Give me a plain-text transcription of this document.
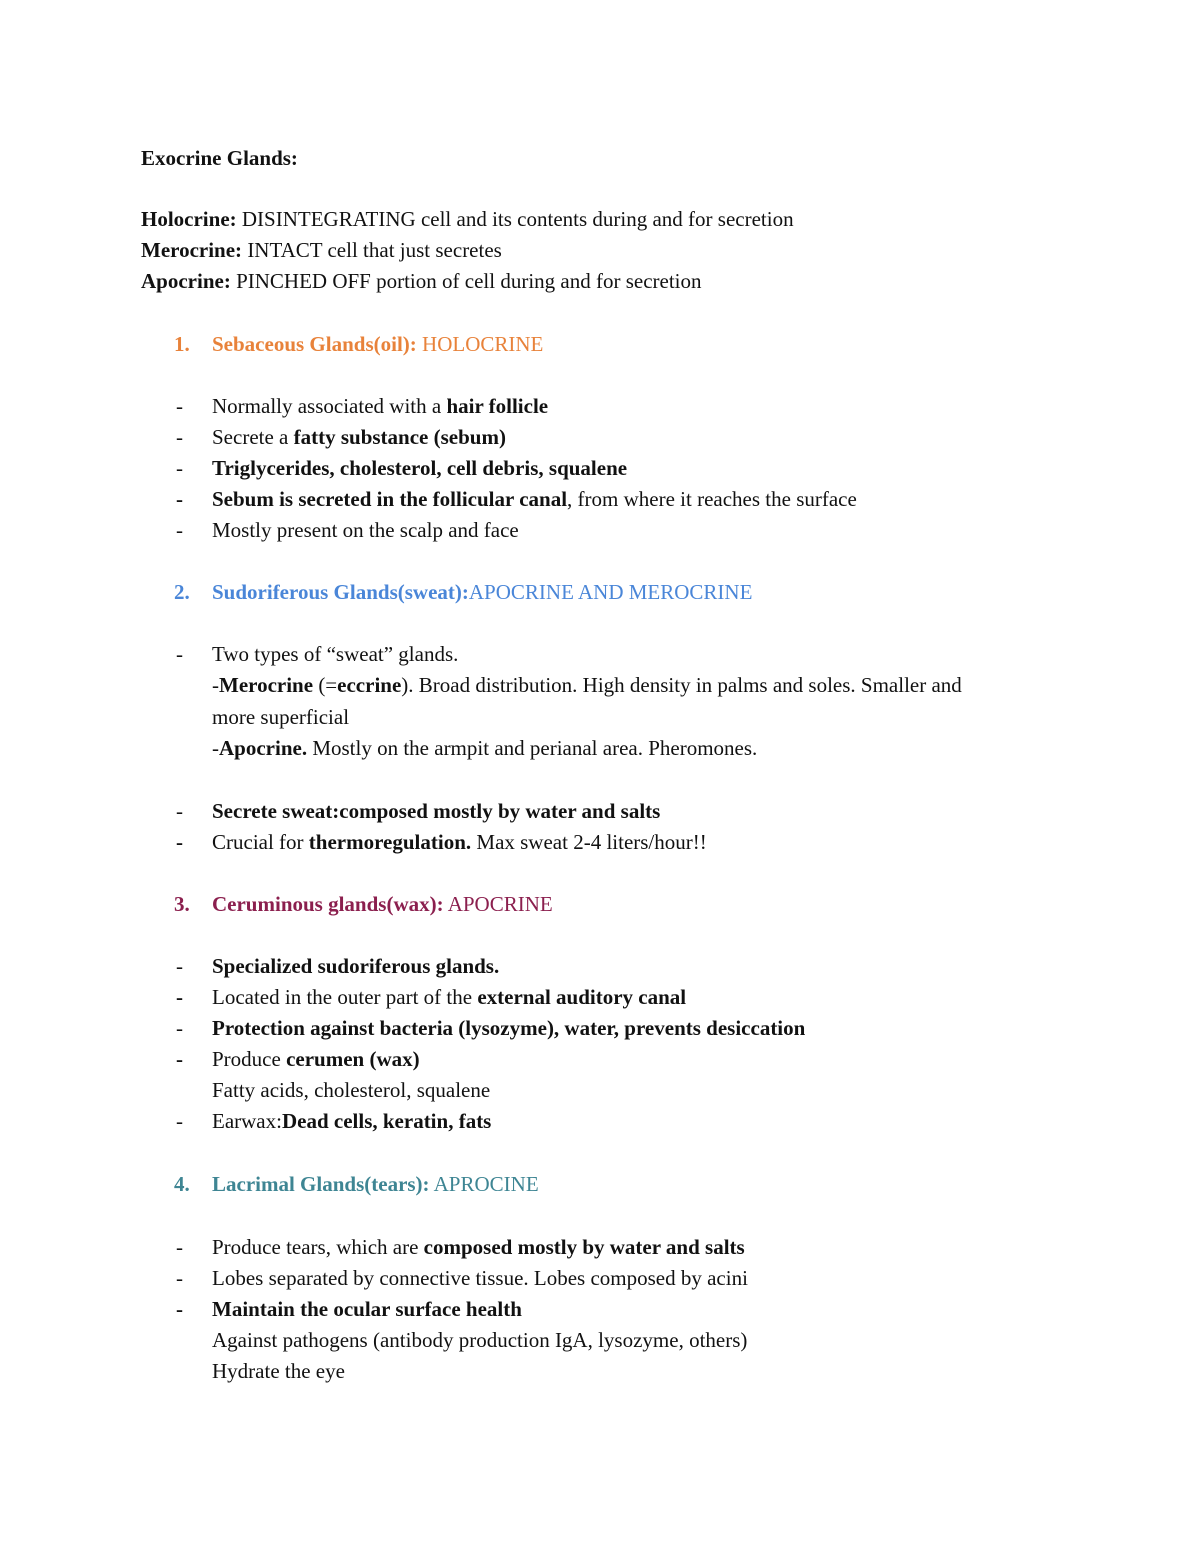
Exocrine Glands:
Holocrine: DISINTEGRATING cell and its contents during and for secretion
Merocrine: INTACT cell that just secretes
Apocrine: PINCHED OFF portion of cell during and for secretion
1. Sebaceous Glands(oil): HOLOCRINE
- Normally associated with a hair follicle
- Secrete a fatty substance (sebum)
- Triglycerides, cholesterol, cell debris, squalene
- Sebum is secreted in the follicular canal, from where it reaches the surface
- Mostly present on the scalp and face
2. Sudoriferous Glands(sweat):APOCRINE AND MEROCRINE
- Two types of “sweat” glands.
-Merocrine (=eccrine). Broad distribution. High density in palms and soles. Smaller and
more superficial
-Apocrine. Mostly on the armpit and perianal area. Pheromones.
- Secrete sweat:composed mostly by water and salts
- Crucial for thermoregulation. Max sweat 2-4 liters/hour!!
3. Ceruminous glands(wax): APOCRINE
- Specialized sudoriferous glands.
- Located in the outer part of the external auditory canal
- Protection against bacteria (lysozyme), water, prevents desiccation
- Produce cerumen (wax)
Fatty acids, cholesterol, squalene
- Earwax:Dead cells, keratin, fats
4. Lacrimal Glands(tears): APROCINE
- Produce tears, which are composed mostly by water and salts
- Lobes separated by connective tissue. Lobes composed by acini
- Maintain the ocular surface health
Against pathogens (antibody production IgA, lysozyme, others)
Hydrate the eye
